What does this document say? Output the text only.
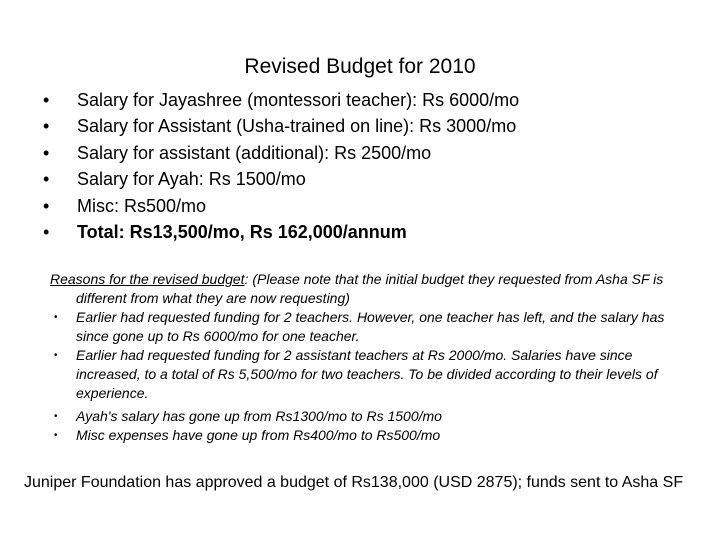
Revised Budget for 2010
• Salary for Jayashree (montessori teacher): Rs 6000/mo
• Salary for Assistant (Usha-trained on line): Rs 3000/mo
• Salary for assistant (additional): Rs 2500/mo
• Salary for Ayah: Rs 1500/mo
• Misc: Rs500/mo
• Total: Rs13,500/mo, Rs 162,000/annum

Reasons for the revised budget: (Please note that the initial budget they requested from Asha SF is different from what they are now requesting)

• Earlier had requested funding for 2 teachers. However, one teacher has left, and the salary has since gone up to Rs 6000/mo for one teacher.
• Earlier had requested funding for 2 assistant teachers at Rs 2000/mo. Salaries have since increased, to a total of Rs 5,500/mo for two teachers. To be divided according to their levels of experience.
• Ayah's salary has gone up from Rs1300/mo to Rs 1500/mo
• Misc expenses have gone up from Rs400/mo to Rs500/mo
Juniper Foundation has approved a budget of Rs138,000 (USD 2875); funds sent to Asha SF
